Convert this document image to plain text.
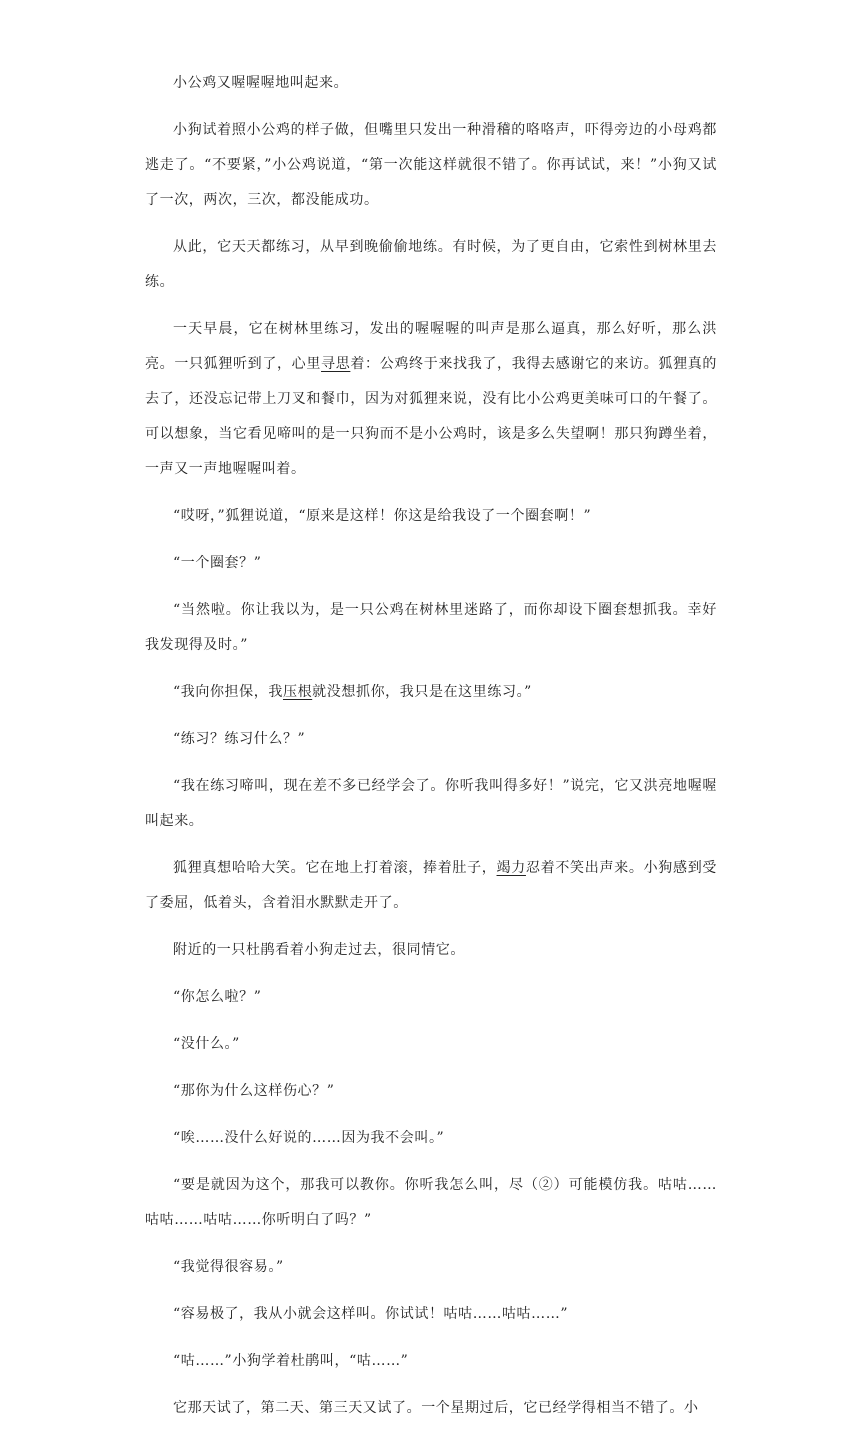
小公鸡又喔喔喔地叫起来。

小狗试着照小公鸡的样子做，但嘴里只发出一种滑稽的咯咯声，吓得旁边的小母鸡都逃走了。“不要紧，”小公鸡说道，“第一次能这样就很不错了。你再试试，来！”小狗又试了一次，两次，三次，都没能成功。

从此，它天天都练习，从早到晚偷偷地练。有时候，为了更自由，它索性到树林里去练。

一天早晨，它在树林里练习，发出的喔喔喔的叫声是那么逼真，那么好听，那么洪亮。一只狐狸听到了，心里寻思着：公鸡终于来找我了，我得去感谢它的来访。狐狸真的去了，还没忘记带上刀叉和餐巾，因为对狐狸来说，没有比小公鸡更美味可口的午餐了。可以想象，当它看见啼叫的是一只狗而不是小公鸡时，该是多么失望啊！那只狗蹲坐着，一声又一声地喔喔叫着。

“哎呀，”狐狸说道，“原来是这样！你这是给我设了一个圈套啊！”

“一个圈套？”

“当然啦。你让我以为，是一只公鸡在树林里迷路了，而你却设下圈套想抓我。幸好我发现得及时。”

“我向你担保，我压根就没想抓你，我只是在这里练习。”

“练习？练习什么？”

“我在练习啼叫，现在差不多已经学会了。你听我叫得多好！”说完，它又洪亮地喔喔叫起来。

狐狸真想哈哈大笑。它在地上打着滚，捧着肚子，竭力忍着不笑出声来。小狗感到受了委屈，低着头，含着泪水默默走开了。

附近的一只杜鹃看着小狗走过去，很同情它。

“你怎么啦？”

“没什么。”

“那你为什么这样伤心？”

“唉……没什么好说的……因为我不会叫。”

“要是就因为这个，那我可以教你。你听我怎么叫，尽（②）可能模仿我。咕咕……咕咕……咕咕……你听明白了吗？”

“我觉得很容易。”

“容易极了，我从小就会这样叫。你试试！咕咕……咕咕……”

“咕……”小狗学着杜鹃叫，“咕……”

它那天试了，第二天、第三天又试了。一个星期过后，它已经学得相当不错了。小
